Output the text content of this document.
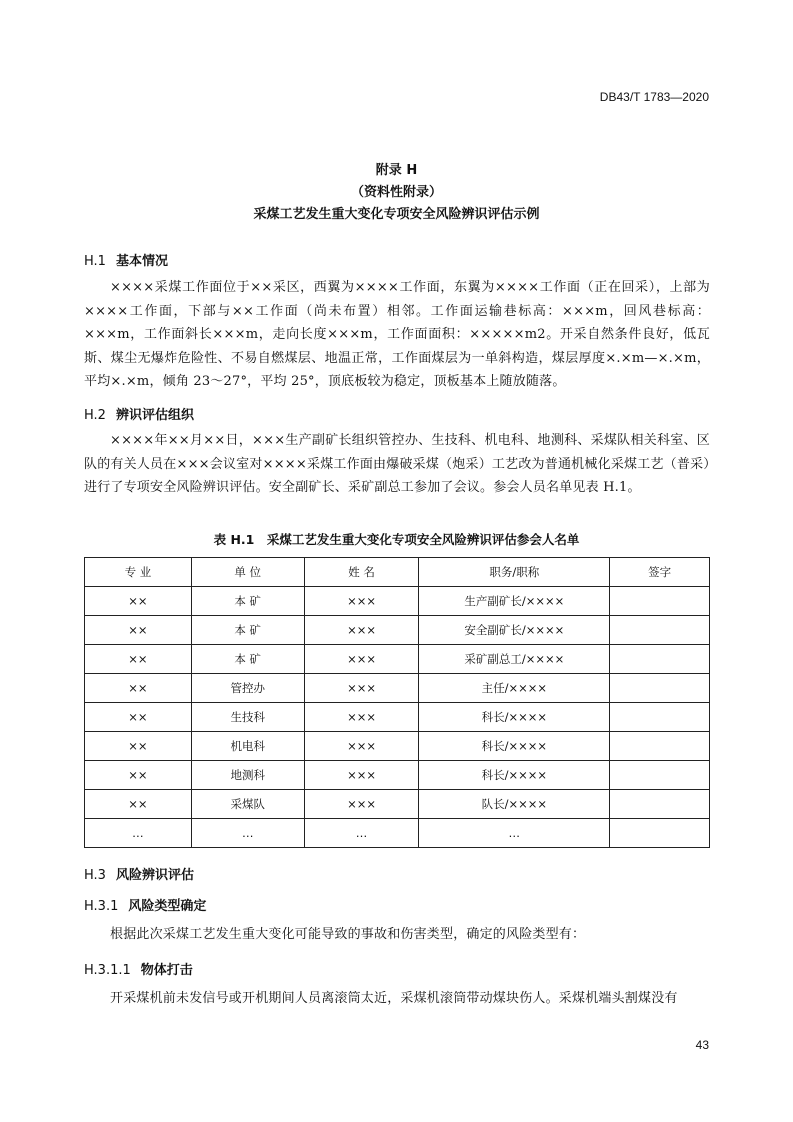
DB43/T 1783—2020
附录 H
（资料性附录）
采煤工艺发生重大变化专项安全风险辨识评估示例
H.1 基本情况
××××采煤工作面位于××采区，西翼为××××工作面，东翼为××××工作面（正在回采），上部为××××工作面，下部与××工作面（尚未布置）相邻。工作面运输巷标高：×××m，回风巷标高：×××m，工作面斜长×××m，走向长度×××m，工作面面积：×××××m2。开采自然条件良好，低瓦斯、煤尘无爆炸危险性、不易自燃煤层、地温正常，工作面煤层为一单斜构造，煤层厚度×.×m—×.×m，平均×.×m，倾角 23～27°，平均 25°，顶底板较为稳定，顶板基本上随放随落。
H.2 辨识评估组织
××××年××月××日，×××生产副矿长组织管控办、生技科、机电科、地测科、采煤队相关科室、区队的有关人员在×××会议室对××××采煤工作面由爆破采煤（炮采）工艺改为普通机械化采煤工艺（普采）进行了专项安全风险辨识评估。安全副矿长、采矿副总工参加了会议。参会人员名单见表 H.1。
表 H.1　采煤工艺发生重大变化专项安全风险辨识评估参会人名单
专 业	单 位	姓 名	职务/职称	签字
××	本 矿	×××	生产副矿长/××××	
××	本 矿	×××	安全副矿长/××××	
××	本 矿	×××	采矿副总工/××××	
××	管控办	×××	主任/××××	
××	生技科	×××	科长/××××	
××	机电科	×××	科长/××××	
××	地测科	×××	科长/××××	
××	采煤队	×××	队长/××××	
…	…	…	…	
H.3 风险辨识评估
H.3.1 风险类型确定
根据此次采煤工艺发生重大变化可能导致的事故和伤害类型，确定的风险类型有：
H.3.1.1 物体打击
开采煤机前未发信号或开机期间人员离滚筒太近，采煤机滚筒带动煤块伤人。采煤机端头割煤没有
43
